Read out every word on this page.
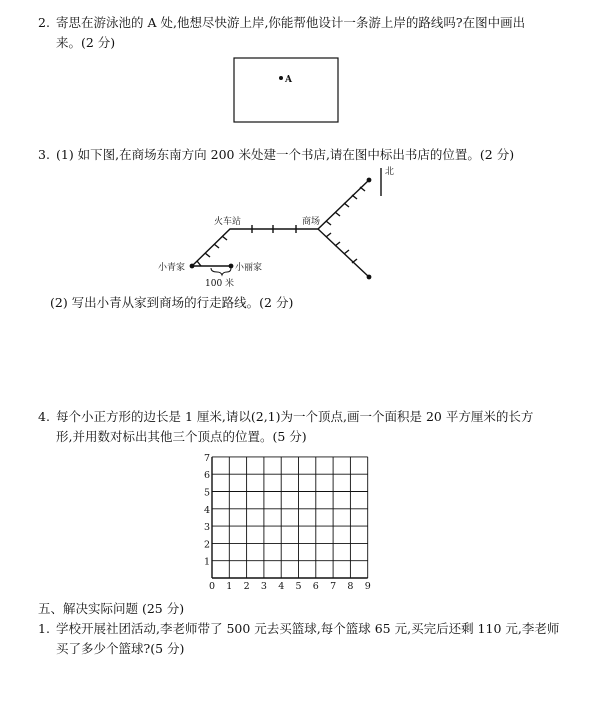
2. 寄思在游泳池的 A 处,他想尽快游上岸,你能帮他设计一条游上岸的路线吗?在图中画出
来。(2 分)
A
北
火车站	商场
小青家	小丽家
100 米
0 1 2 3 4 5 6 7 8 9
1
2
3
4
5
6
7
3. (1) 如下图,在商场东南方向 200 米处建一个书店,请在图中标出书店的位置。(2 分)
(2) 写出小青从家到商场的行走路线。(2 分)
4. 每个小正方形的边长是 1 厘米,请以(2,1)为一个顶点,画一个面积是 20 平方厘米的长方
形,并用数对标出其他三个顶点的位置。(5 分)
五、解决实际问题 (25 分)
1. 学校开展社团活动,李老师带了 500 元去买篮球,每个篮球 65 元,买完后还剩 110 元,李老师
买了多少个篮球?(5 分)
